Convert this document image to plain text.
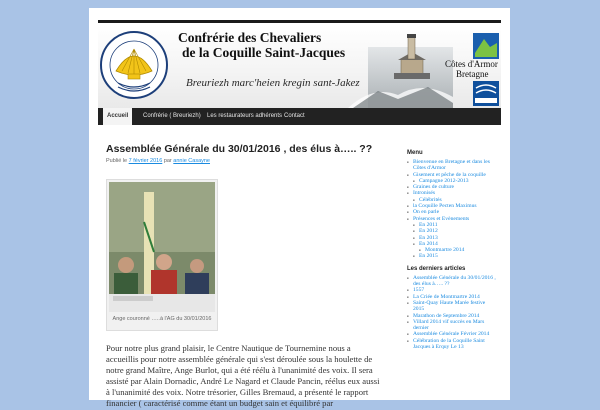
Confrérie des Chevaliers
de la Coquille Saint-Jacques
Breuriezh marc'heien kregin sant-Jakez
Côtes d'Armor
Bretagne
Accueil	Confrérie ( Breuriezh) Les restaurateurs adhérents Contact
Assemblée Générale du 30/01/2016 , des élus à….. ??
Publié le 7 février 2016 par annie Casayne
Ange couronné …..à l'AG du 30/01/2016

Pour notre plus grand plaisir, le Centre Nautique de Tournemine nous a accueillis pour notre assemblée générale qui s'est déroulée sous la houlette de notre grand Maître, Ange Burlot, qui a été réélu à l'unanimité des voix. Il sera assisté par Alain Dornadic, André Le Nagard et Claude Pancin, réélus eux aussi à l'unanimité des voix. Notre trésorier, Gilles Bremaud, a présenté le rapport financier ( caractérisé comme étant un budget sain et équilibré par

Menu
■ Bienvenue en Bretagne et dans les Côtes d'Armor
■ Gisement et pêche de la coquille
■ Campagne 2012-2013
■ Graines de culture
■ Intronisés
■ Célébrités
■ la Coquille Pecten Maximus
■ On en parle
■ Présences et Evènements
■ En 2011
■ En 2012
■ En 2013
■ En 2014
■ Montmartre 2014
■ En 2015
Les derniers articles
■ Assemblée Générale du 30/01/2016 , des élus à….. ??
■ 1557
■ La Criée de Montmartre 2014
■ Saint-Quay Haute Marée festive 2015
■ Marathon de Septembre 2014
■ Villard 2014 vif succès en Mars dernier
■ Assemblée Générale Février 2014
■ Célébration de la Coquille Saint Jacques à Erquy Le 13
